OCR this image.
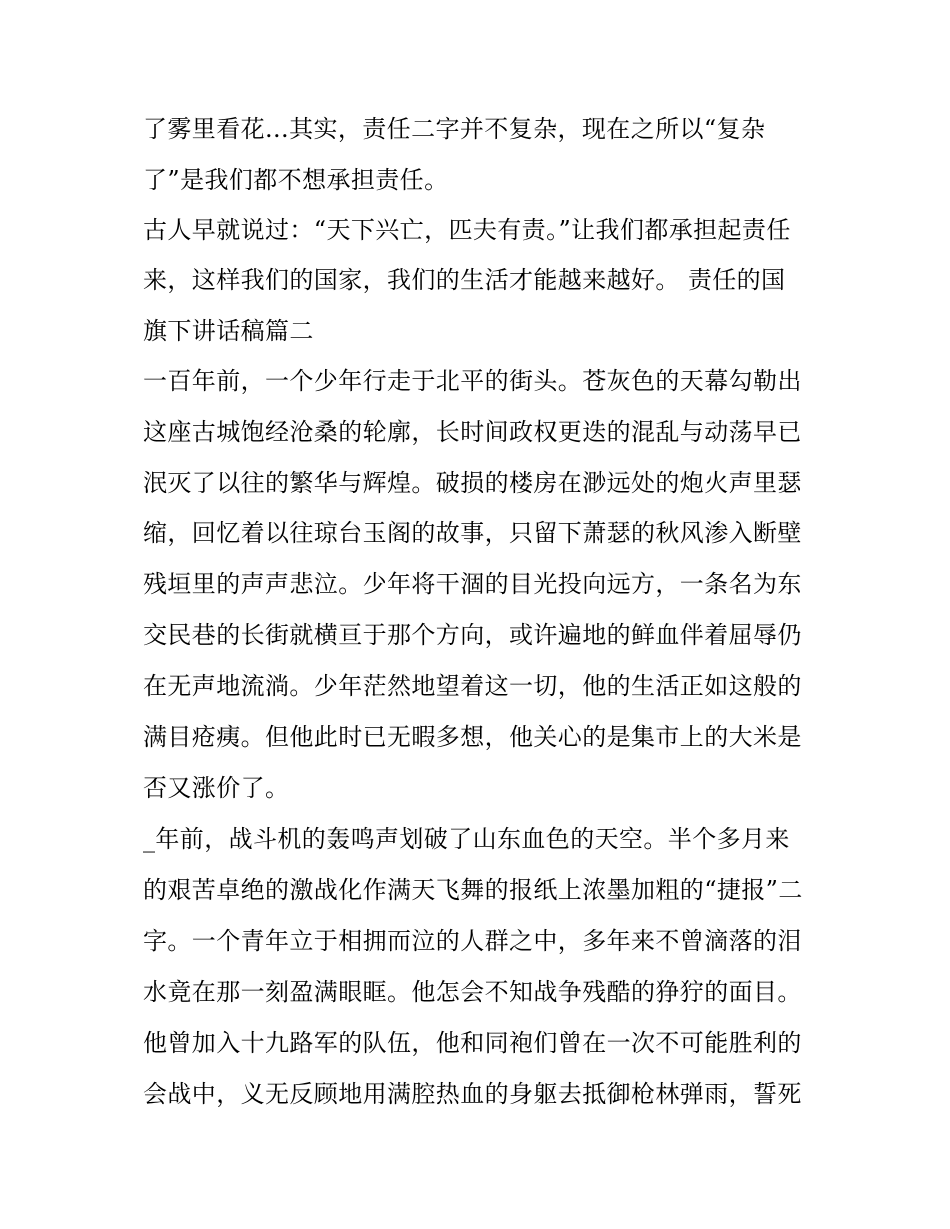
了雾里看花...其实，责任二字并不复杂，现在之所以“复杂
了”是我们都不想承担责任。
古人早就说过：“天下兴亡，匹夫有责。”让我们都承担起责任
来，这样我们的国家，我们的生活才能越来越好。 责任的国
旗下讲话稿篇二
一百年前，一个少年行走于北平的街头。苍灰色的天幕勾勒出
这座古城饱经沧桑的轮廓，长时间政权更迭的混乱与动荡早已
泯灭了以往的繁华与辉煌。破损的楼房在渺远处的炮火声里瑟
缩，回忆着以往琼台玉阁的故事，只留下萧瑟的秋风渗入断壁
残垣里的声声悲泣。少年将干涸的目光投向远方，一条名为东
交民巷的长街就横亘于那个方向，或许遍地的鲜血伴着屈辱仍
在无声地流淌。少年茫然地望着这一切，他的生活正如这般的
满目疮痍。但他此时已无暇多想，他关心的是集市上的大米是
否又涨价了。
_年前，战斗机的轰鸣声划破了山东血色的天空。半个多月来
的艰苦卓绝的激战化作满天飞舞的报纸上浓墨加粗的“捷报”二
字。一个青年立于相拥而泣的人群之中，多年来不曾滴落的泪
水竟在那一刻盈满眼眶。他怎会不知战争残酷的狰狞的面目。
他曾加入十九路军的队伍，他和同袍们曾在一次不可能胜利的
会战中，义无反顾地用满腔热血的身躯去抵御枪林弹雨，誓死
